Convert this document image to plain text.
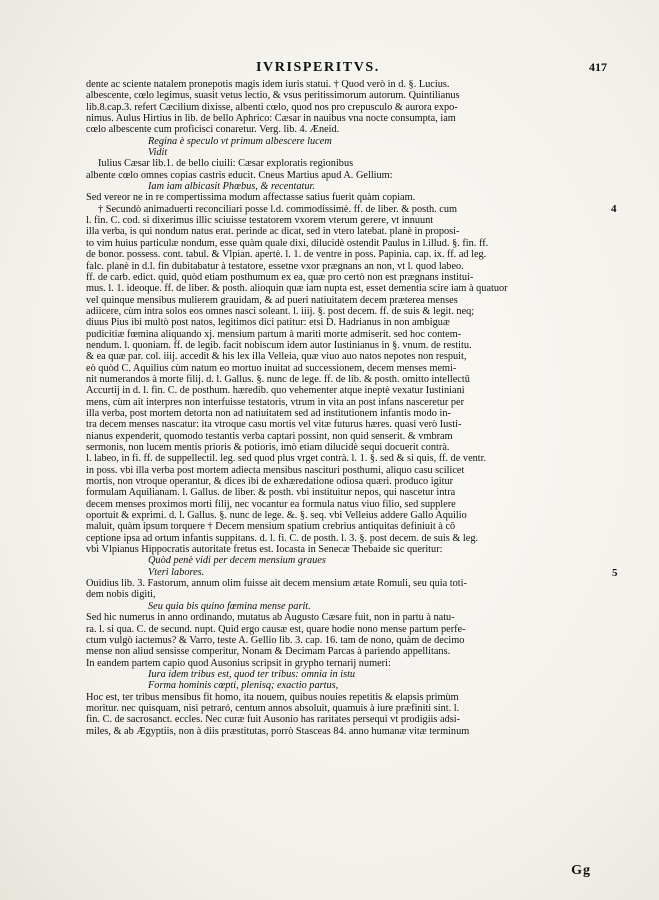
IVRISPERITVS.	417
dente ac sciente natalem pronepotis magis idem iuris statui. † Quod verò in d. §. Lucius.
albescente, cœlo legimus, suasit vetus lectio, & vsus peritissimorum autorum. Quintilianus
lib.8.cap.3. refert Cæcilium dixisse, albenti cœlo, quod nos pro crepusculo & aurora expo-
nimus. Aulus Hirtius in lib. de bello Aphrico: Cæsar in nauibus vna nocte consumpta, iam
cœlo albescente cum proficisci conaretur. Verg. lib. 4. Æneid.
Regina è speculo vt primum albescere lucem
Vidit
Iulius Cæsar lib.1. de bello ciuili: Cæsar exploratis regionibus
albente cœlo omnes copias castris educit. Cneus Martius apud A. Gellium:
Iam iam albicasit Phœbus, & recentatur.
Sed vereor ne in re compertissima modum affectasse satius fuerit quàm copiam.
† Secundò animaduerti reconciliari posse l.d. commodissimè. ff. de liber. & posth. cum
l. fin. C. cod. si dixerimus illic sciuisse testatorem vxorem vterum gerere, vt innuunt
illa verba, is qui nondum natus erat. perinde ac dicat, sed in vtero latebat. planè in proposi-
to vim huius particulæ nondum, esse quàm quale dixi, dilucidè ostendit Paulus in l.illud. §. fin. ff.
de bonor. possess. cont. tabul. & Vlpian. apertè. l. 1. de ventre in poss. Papinia. cap. ix. ff. ad leg.
falc. planè in d.l. fin dubitabatur à testatore, essetne vxor prægnans an non, vt l. quod labeo.
ff. de carb. edict. quid, quòd etiam posthumum ex ea, quæ pro certò non est prægnans institui-
mus. l. 1. ideoque. ff. de liber. & posth. alioquin quæ iam nupta est, esset dementia scire iam à quatuor
vel quinque mensibus mulierem grauidam, & ad pueri natiuitatem decem præterea menses
adiicere, cùm intra solos eos omnes nasci soleant. l. iiij. §. post decem. ff. de suis & legit. neq;
diuus Pius ibi multò post natos, legitimos dici patitur: etsi D. Hadrianus in non ambiguæ
pudicitiæ fœmina aliquando xj. mensium partum à mariti morte admiserit. sed hoc contem-
nendum. l. quoniam. ff. de legib. facit nobiscum idem autor Iustinianus in §. vnum. de restitu.
& ea quæ par. col. iiij. accedit & his lex illa Velleia, quæ viuo auo natos nepotes non respuit,
eò quòd C. Aquilius cùm natum eo mortuo inuitat ad successionem, decem menses memi-
nit numerandos à morte filij. d. l. Gallus. §. nunc de lege. ff. de lib. & posth. omitto intellectū
Accurtij in d. l. fin. C. de posthum. hæredib. quo vehementer atque ineptè vexatur Iustiniani
mens, cùm ait interpres non interfuisse testatoris, vtrum in vita an post infans nasceretur per
illa verba, post mortem detorta non ad natiuitatem sed ad institutionem infantis modo in-
tra decem menses nascatur: ita vtroque casu mortis vel vitæ futurus hæres. quasi verò Iusti-
nianus expenderit, quomodo testantis verba captari possint, non quid senserit. & vmbram
sermonis, non lucem mentis prioris & potioris, imò etiam dilucidè sequi docuerit contrà.
l. labeo, in fi. ff. de suppellectil. leg. sed quod plus vrget contrà. l. 1. §. sed & si quis, ff. de ventr.
in poss. vbi illa verba post mortem adiecta mensibus nascituri posthumi, aliquo casu scilicet
mortis, non vtroque operantur, & dices ibi de exhæredatione odiosa quæri. produco igitur
formulam Aquilianam. l. Gallus. de liber. & posth. vbi instituitur nepos, qui nascetur intra
decem menses proximos morti filij, nec vocantur ea formula natus viuo filio, sed supplere
oportuit & exprimi. d. l. Gallus. §. nunc de lege. &. §. seq. vbi Velleius addere Gallo Aquilio
maluit, quàm ipsum torquere † Decem mensium spatium crebrius antiquitas definiuit à cō
ceptione ipsa ad ortum infantis suppitans. d. l. fi. C. de posth. l. 3. §. post decem. de suis & leg.
vbi Vlpianus Hippocratis autoritate fretus est. Iocasta in Senecæ Thebaide sic queritur:
Quòd penè vidi per decem mensium graues
Vteri labores.
Ouidius lib. 3. Fastorum, annum olim fuisse ait decem mensium ætate Romuli, seu quia toti-
dem nobis digiti,
Seu quia bis quino fœmina mense parit.
Sed hic numerus in anno ordinando, mutatus ab Augusto Cæsare fuit, non in partu à natu-
ra. l. si qua. C. de secund. nupt. Quid ergo causæ est, quare hodie nono mense partum perfe-
ctum vulgò iactemus? & Varro, teste A. Gellio lib. 3. cap. 16. tam de nono, quàm de decimo
mense non aliud sensisse comperitur, Nonam & Decimam Parcas à pariendo appellitans.
In eandem partem capio quod Ausonius scripsit in grypho ternarij numeri:
Iura idem tribus est, quod ter tribus: omnia in istu
Forma hominis cœpti, plenisq; exactio partus,
Hoc est, ter tribus mensibus fit homo, ita nouem, quibus nouies repetitis & elapsis primùm
moritur. nec quisquam, nisi petraró, centum annos absoluit, quamuis à iure præfiniti sint. l.
fin. C. de sacrosanct. eccles. Nec curæ fuit Ausonio has raritates persequi vt prodigiis adsi-
miles, & ab Ægyptiis, non à diis præstitutas, porrò Stasceas 84. anno humanæ vitæ terminum
4
5
Gg
